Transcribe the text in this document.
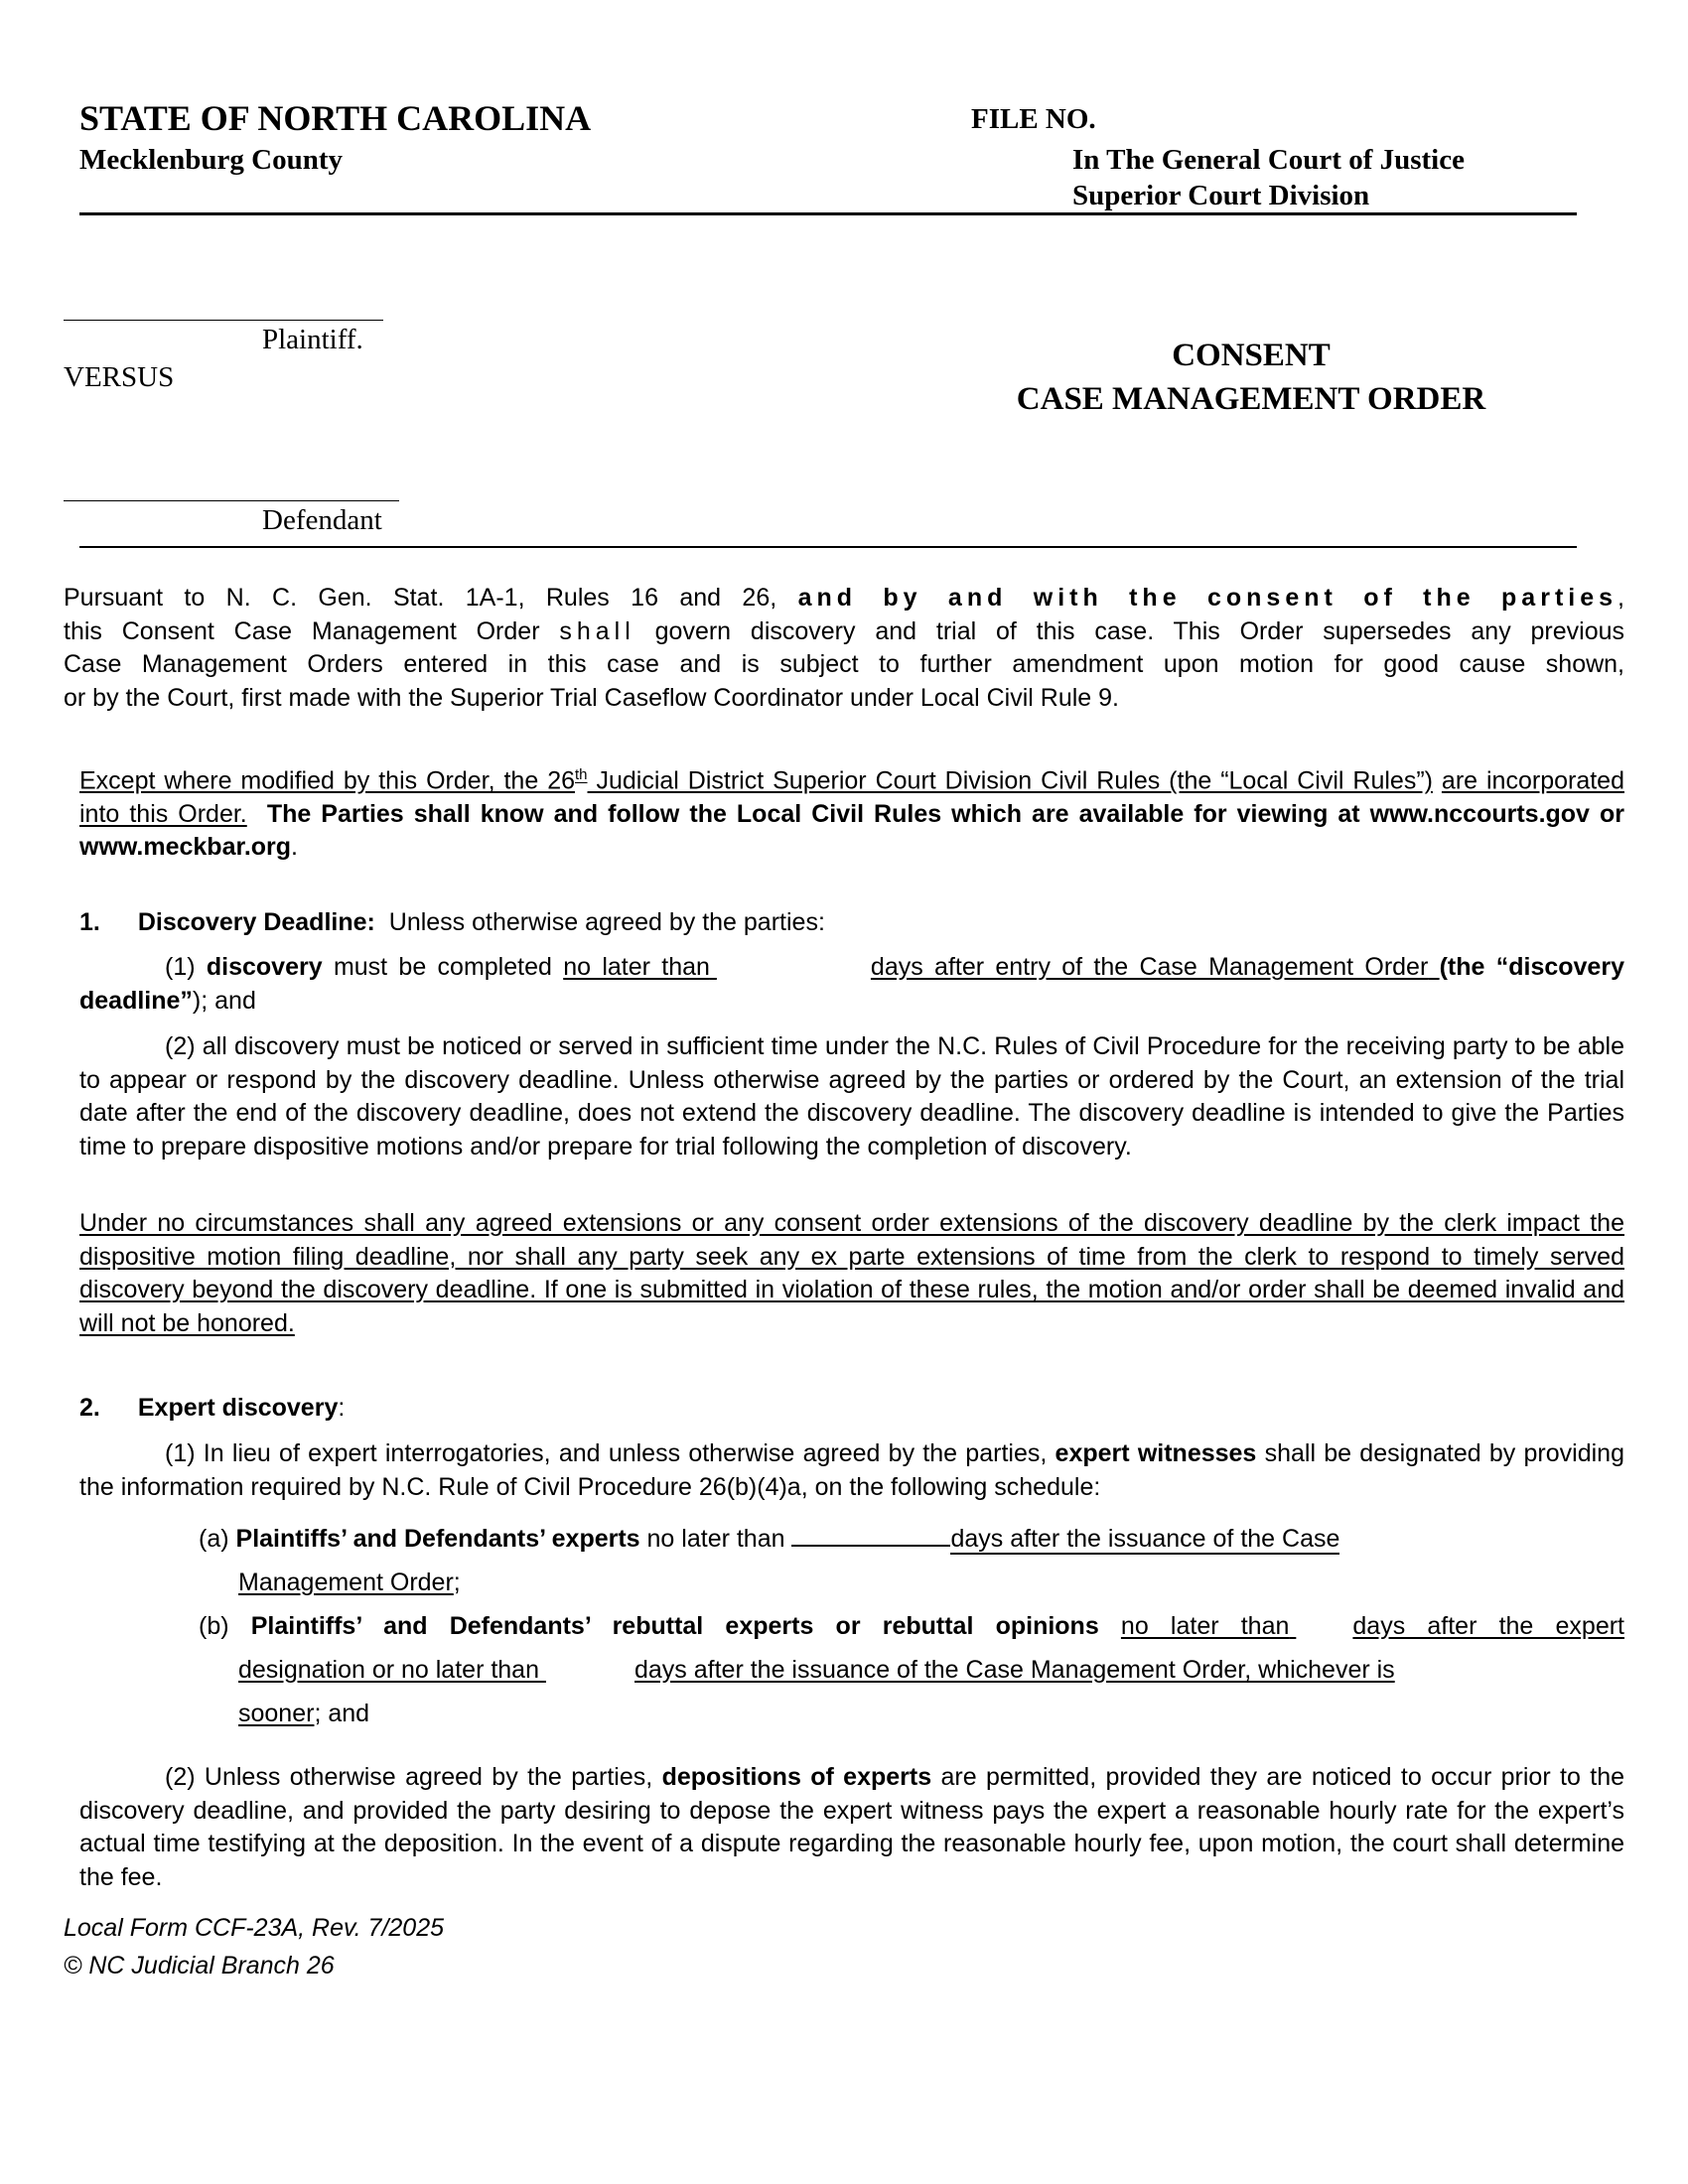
STATE OF NORTH CAROLINA
Mecklenburg County
FILE NO.
In The General Court of Justice
Superior Court Division
Plaintiff.
VERSUS
Defendant
CONSENT
CASE MANAGEMENT ORDER
Pursuant to N. C. Gen. Stat. 1A-1, Rules 16 and 26, and by and with the consent of the parties,
this Consent Case Management Order shall govern discovery and trial of this case. This Order supersedes any previous
Case Management Orders entered in this case and is subject to further amendment upon motion for good cause shown,
or by the Court, first made with the Superior Trial Caseflow Coordinator under Local Civil Rule 9.
Except where modified by this Order, the 26th Judicial District Superior Court Division Civil Rules (the “Local Civil Rules”) are incorporated into this Order. The Parties shall know and follow the Local Civil Rules which are available for viewing at www.nccourts.gov or www.meckbar.org.
1. Discovery Deadline: Unless otherwise agreed by the parties:
(1) discovery must be completed no later than	days after entry of the Case Management Order (the “discovery deadline”); and
(2) all discovery must be noticed or served in sufficient time under the N.C. Rules of Civil Procedure for the receiving party to be able to appear or respond by the discovery deadline. Unless otherwise agreed by the parties or ordered by the Court, an extension of the trial date after the end of the discovery deadline, does not extend the discovery deadline. The discovery deadline is intended to give the Parties time to prepare dispositive motions and/or prepare for trial following the completion of discovery.
Under no circumstances shall any agreed extensions or any consent order extensions of the discovery deadline by the clerk impact the dispositive motion filing deadline, nor shall any party seek any ex parte extensions of time from the clerk to respond to timely served discovery beyond the discovery deadline. If one is submitted in violation of these rules, the motion and/or order shall be deemed invalid and will not be honored.
2. Expert discovery:
(1) In lieu of expert interrogatories, and unless otherwise agreed by the parties, expert witnesses shall be designated by providing the information required by N.C. Rule of Civil Procedure 26(b)(4)a, on the following schedule:
(a) Plaintiffs’ and Defendants’ experts no later than	days after the issuance of the Case
Management Order;
(b) Plaintiffs’ and Defendants’ rebuttal experts or rebuttal opinions no later than	days after the expert
designation or no later than	days after the issuance of the Case Management Order, whichever is
sooner; and
(2) Unless otherwise agreed by the parties, depositions of experts are permitted, provided they are noticed to occur prior to the discovery deadline, and provided the party desiring to depose the expert witness pays the expert a reasonable hourly rate for the expert’s actual time testifying at the deposition. In the event of a dispute regarding the reasonable hourly fee, upon motion, the court shall determine the fee.
Local Form CCF-23A, Rev. 7/2025
© NC Judicial Branch 26
